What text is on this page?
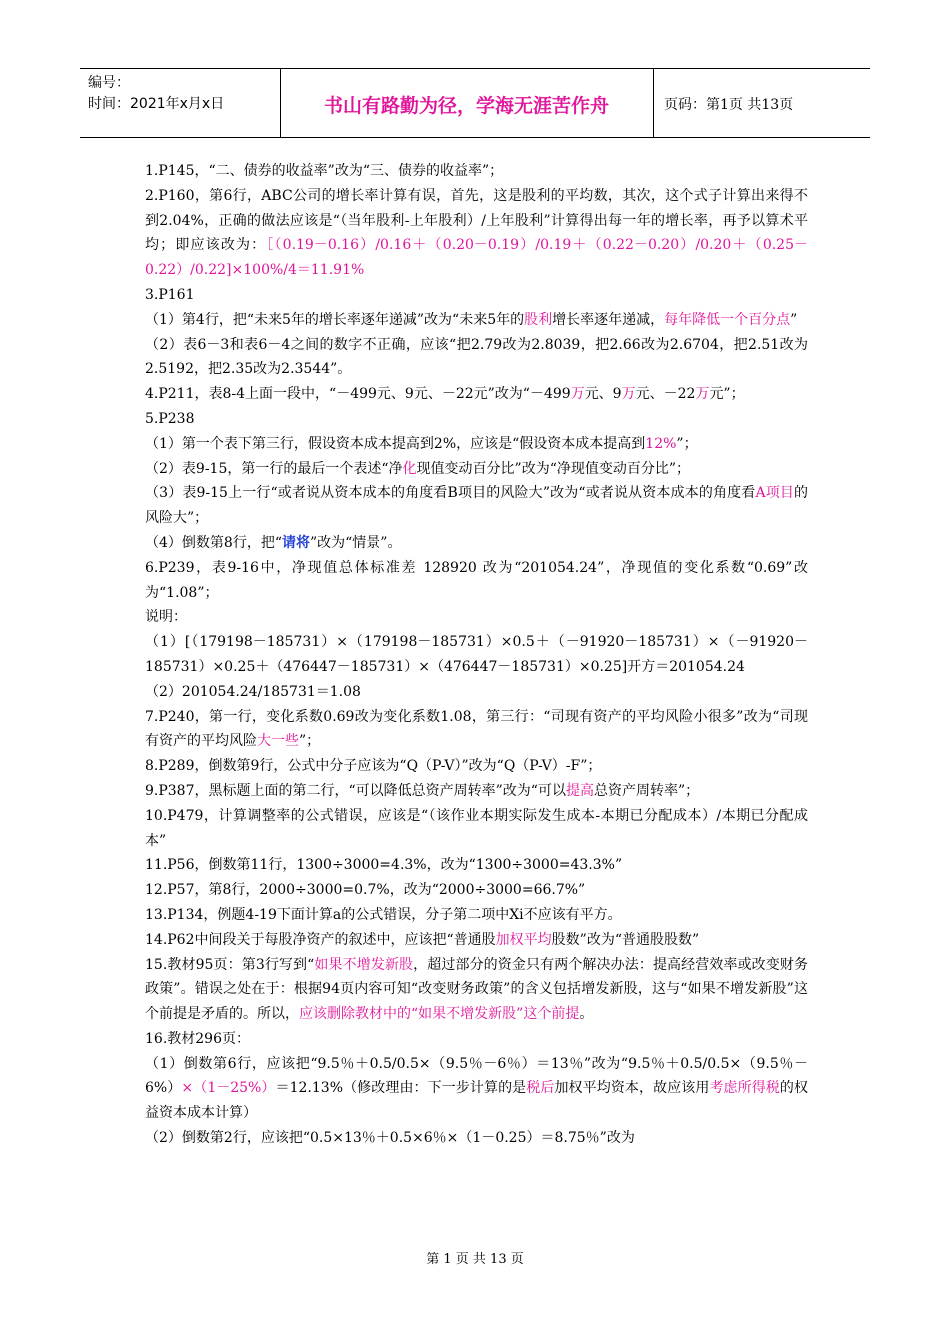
编号：
时间：2021年x月x日	书山有路勤为径，学海无涯苦作舟	页码：第1页 共13页

1.P145，“二、债券的收益率”改为“三、债券的收益率”；

2.P160，第6行，ABC公司的增长率计算有误，首先，这是股利的平均数，其次，这个式子计算出来得不到2.04%，正确的做法应该是“（当年股利-上年股利）/上年股利”计算得出每一年的增长率，再予以算术平均；即应该改为：［（0.19－0.16）/0.16＋（0.20－0.19）/0.19＋（0.22－0.20）/0.20＋（0.25－0.22）/0.22]×100%/4＝11.91%

3.P161

（1）第4行，把“未来5年的增长率逐年递减”改为“未来5年的股利增长率逐年递减，每年降低一个百分点”

（2）表6－3和表6－4之间的数字不正确，应该“把2.79改为2.8039，把2.66改为2.6704，把2.51改为2.5192，把2.35改为2.3544”。

4.P211，表8-4上面一段中，“－499元、9元、－22元”改为“－499万元、9万元、－22万元”；

5.P238

（1）第一个表下第三行，假设资本成本提高到2%，应该是“假设资本成本提高到12%”；

（2）表9-15，第一行的最后一个表述“净化现值变动百分比”改为“净现值变动百分比”；

（3）表9-15上一行“或者说从资本成本的角度看B项目的风险大”改为“或者说从资本成本的角度看A项目的风险大”；

（4）倒数第8行，把“请将”改为“情景”。

6.P239，表9-16中，净现值总体标准差 128920 改为“201054.24”，净现值的变化系数“0.69”改为“1.08”；

说明：

（1）[（179198－185731）×（179198－185731）×0.5＋（－91920－185731）×（－91920－185731）×0.25＋（476447－185731）×（476447－185731）×0.25]开方＝201054.24

（2）201054.24/185731＝1.08

7.P240，第一行，变化系数0.69改为变化系数1.08，第三行：“司现有资产的平均风险小很多”改为“司现有资产的平均风险大一些”；

8.P289，倒数第9行，公式中分子应该为“Q（P-V）”改为“Q（P-V）-F”；

9.P387，黑标题上面的第二行，“可以降低总资产周转率”改为“可以提高总资产周转率”；

10.P479，计算调整率的公式错误，应该是“（该作业本期实际发生成本-本期已分配成本）/本期已分配成本”

11.P56，倒数第11行，1300÷3000=4.3%，改为“1300÷3000=43.3%”

12.P57，第8行，2000÷3000=0.7%，改为“2000÷3000=66.7%”

13.P134，例题4-19下面计算a的公式错误，分子第二项中Xi不应该有平方。

14.P62中间段关于每股净资产的叙述中，应该把“普通股加权平均股数”改为“普通股股数”

15.教材95页：第3行写到“如果不增发新股，超过部分的资金只有两个解决办法：提高经营效率或改变财务政策”。错误之处在于：根据94页内容可知“改变财务政策”的含义包括增发新股，这与“如果不增发新股”这个前提是矛盾的。所以，应该删除教材中的“如果不增发新股”这个前提。

16.教材296页：

（1）倒数第6行，应该把“9.5％＋0.5/0.5×（9.5％－6％）＝13％”改为“9.5％＋0.5/0.5×（9.5％－6%）×（1－25%）＝12.13%（修改理由：下一步计算的是税后加权平均资本，故应该用考虑所得税的权益资本成本计算）

（2）倒数第2行，应该把“0.5×13％＋0.5×6％×（1－0.25）＝8.75％”改为

第 1 页 共 13 页
